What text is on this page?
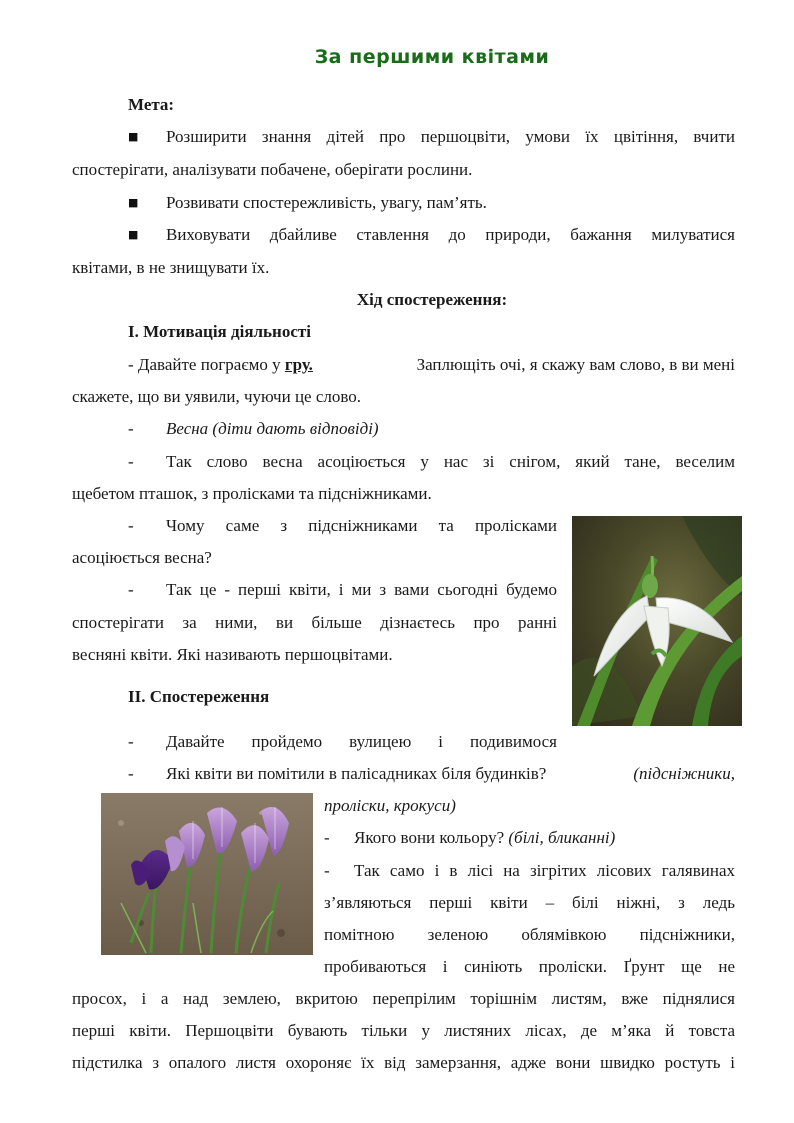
За першими квітами
Мета:
■ Розширити знання дітей про першоцвіти, умови їх цвітіння, вчити
спостерігати, аналізувати побачене, оберігати рослини.
■ Розвивати спостережливість, увагу, пам’ять.
■ Виховувати дбайливе ставлення до природи, бажання милуватися
квітами, в не знищувати їх.
Хід спостереження:
І. Мотивація діяльності
- Давайте пограємо у гру.	Заплющіть очі, я скажу вам слово, в ви мені
скажете, що ви уявили, чуючи це слово.
- Весна (діти дають відповіді)
- Так слово весна асоціюється у нас зі снігом, який тане, веселим
щебетом пташок, з пролісками та підсніжниками.
- Чому саме з підсніжниками та пролісками
асоціюється весна?
- Так це - перші квіти, і ми з вами сьогодні будемо
спостерігати за ними, ви більше дізнаєтесь про ранні
весняні квіти. Які називають першоцвітами.
ІІ. Спостереження
- Давайте пройдемо вулицею і подивимося
- Які квіти ви помітили в палісадниках біля будинків?	(підсніжники,
проліски, крокуси)
- Якого вони кольору? (білі, бликанні)
- Так само і в лісі на зігрітих лісових галявинах
з’являються перші квіти – білі ніжні, з ледь
помітною зеленою облямівкою підсніжники,
пробиваються і синіють проліски. Ґрунт ще не
просох, і а над землею, вкритою перепрілим торішнім листям, вже піднялися
перші квіти. Першоцвіти бувають тільки у листяних лісах, де м’яка й товста
підстилка з опалого листя охороняє їх від замерзання, адже вони швидко ростуть і
